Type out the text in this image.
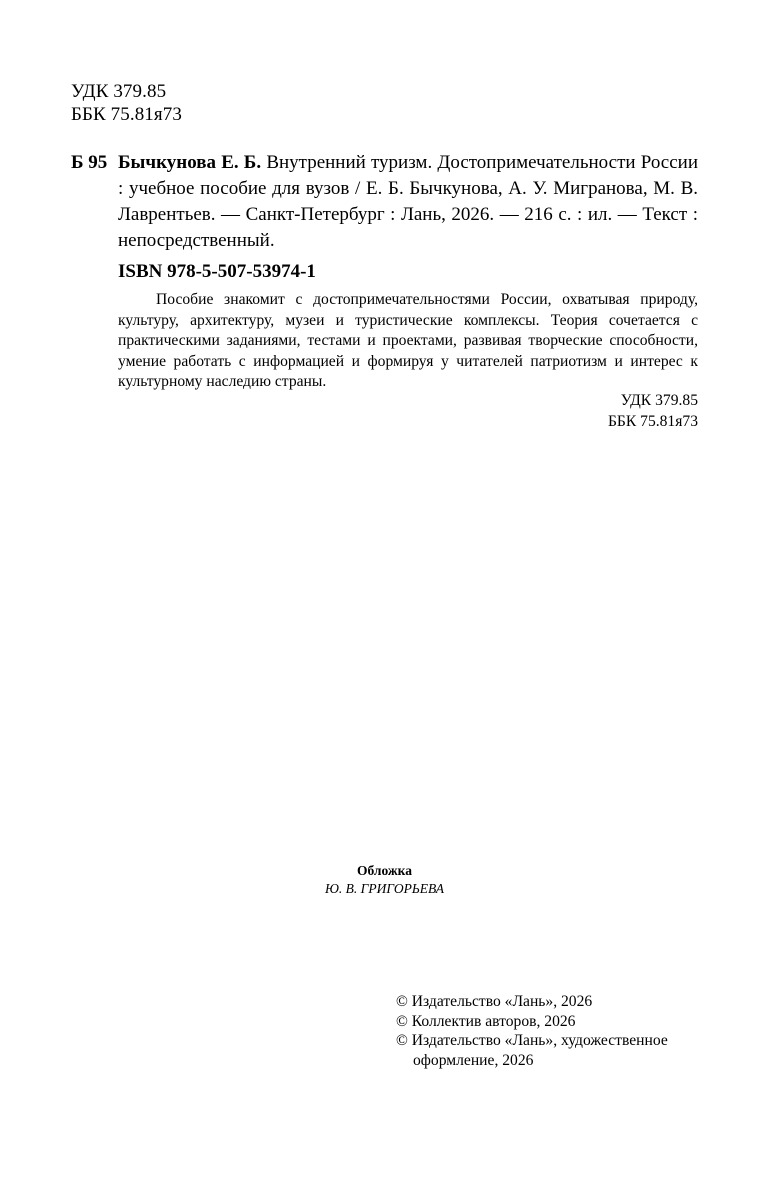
УДК 379.85
ББК 75.81я73
Б 95 Бычкунова Е. Б. Внутренний туризм. Достопримечательности России : учебное пособие для вузов / Е. Б. Бычкунова, А. У. Мигранова, М. В. Лаврентьев. — Санкт-Петербург : Лань, 2026. — 216 с. : ил. — Текст : непосредственный.
ISBN 978-5-507-53974-1
Пособие знакомит с достопримечательностями России, охватывая природу, культуру, архитектуру, музеи и туристические комплексы. Теория сочетается с практическими заданиями, тестами и проектами, развивая творческие способности, умение работать с информацией и формируя у читателей патриотизм и интерес к культурному наследию страны.
УДК 379.85
ББК 75.81я73
Обложка
Ю. В. ГРИГОРЬЕВА
© Издательство «Лань», 2026
© Коллектив авторов, 2026
© Издательство «Лань», художественное оформление, 2026
